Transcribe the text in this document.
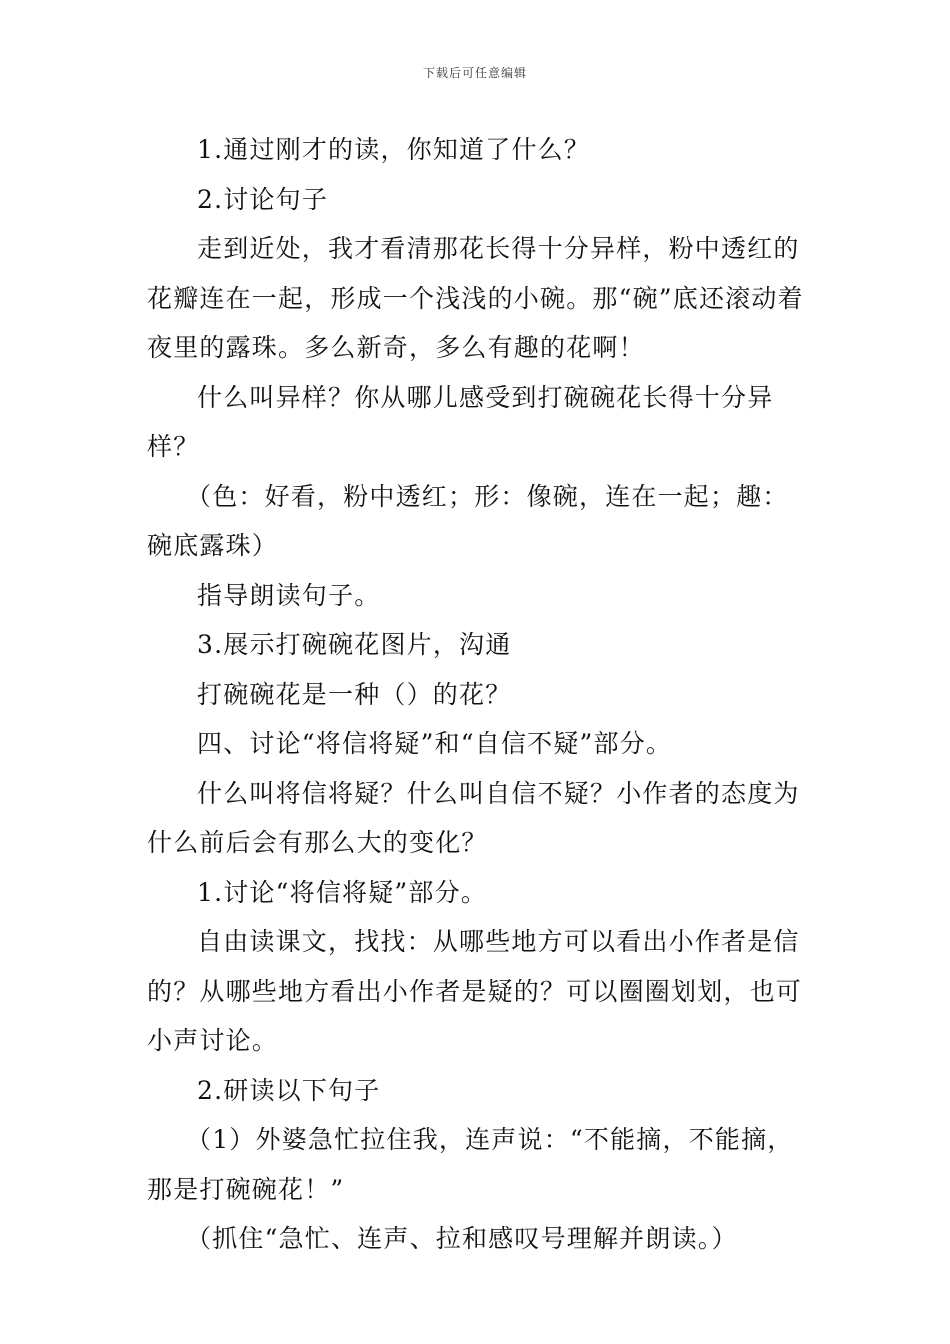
下载后可任意编辑

1.通过刚才的读，你知道了什么？

2.讨论句子

走到近处，我才看清那花长得十分异样，粉中透红的花瓣连在一起，形成一个浅浅的小碗。那“碗”底还滚动着夜里的露珠。多么新奇，多么有趣的花啊！

什么叫异样？你从哪儿感受到打碗碗花长得十分异样？

（色：好看，粉中透红；形：像碗，连在一起；趣：碗底露珠）

指导朗读句子。

3.展示打碗碗花图片，沟通

打碗碗花是一种（）的花？

四、讨论“将信将疑”和“自信不疑”部分。

什么叫将信将疑？什么叫自信不疑？小作者的态度为什么前后会有那么大的变化？

1.讨论“将信将疑”部分。

自由读课文，找找：从哪些地方可以看出小作者是信的？从哪些地方看出小作者是疑的？可以圈圈划划，也可小声讨论。

2.研读以下句子

（1）外婆急忙拉住我，连声说：“不能摘，不能摘，那是打碗碗花！”

（抓住“急忙、连声、拉和感叹号理解并朗读。）
